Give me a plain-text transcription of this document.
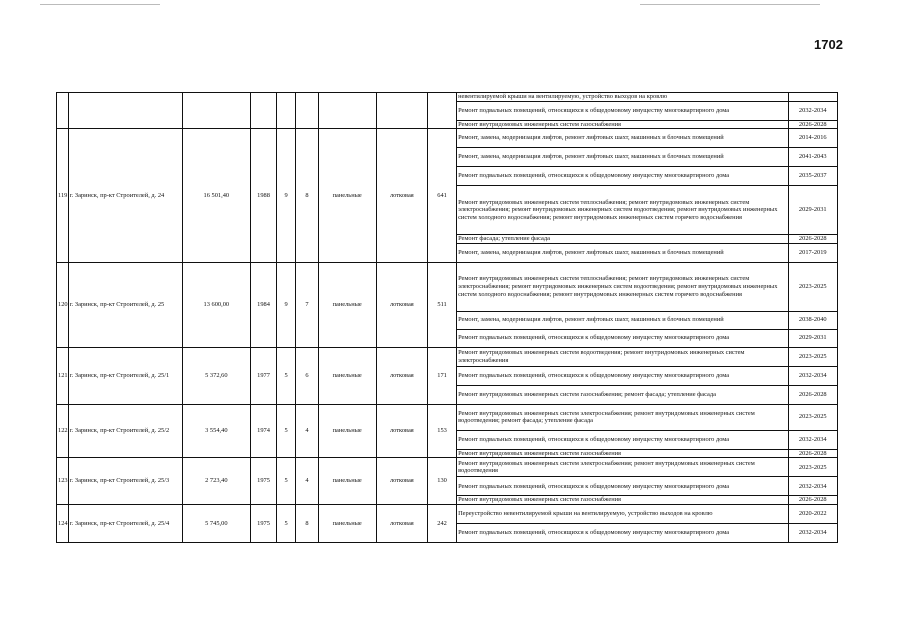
1702
									невентилируемой крыши на вентилируемую, устройство выходов на кровлю	
									Ремонт подвальных помещений, относящихся к общедомовому имуществу многоквартирного дома	2032-2034
									Ремонт внутридомовых инженерных систем газоснабжения	2026-2028
119	г. Заринск, пр-кт Строителей, д. 24	16 501,40	1988	9	8	панельные	лотковая	641	Ремонт, замена, модернизация лифтов, ремонт лифтовых шахт, машинных и блочных помещений	2014-2016
									Ремонт, замена, модернизация лифтов, ремонт лифтовых шахт, машинных и блочных помещений	2041-2043
									Ремонт подвальных помещений, относящихся к общедомовому имуществу многоквартирного дома	2035-2037
									Ремонт внутридомовых инженерных систем теплоснабжения; ремонт внутридомовых инженерных систем электроснабжения; ремонт внутридомовых инженерных систем водоотведения; ремонт внутридомовых инженерных систем холодного водоснабжения; ремонт внутридомовых инженерных систем горячего водоснабжения	2029-2031
									Ремонт фасада; утепление фасада	2026-2028
									Ремонт, замена, модернизация лифтов, ремонт лифтовых шахт, машинных и блочных помещений	2017-2019
120	г. Заринск, пр-кт Строителей, д. 25	13 600,00	1984	9	7	панельные	лотковая	511	Ремонт внутридомовых инженерных систем теплоснабжения; ремонт внутридомовых инженерных систем электроснабжения; ремонт внутридомовых инженерных систем водоотведения; ремонт внутридомовых инженерных систем холодного водоснабжения; ремонт внутридомовых инженерных систем горячего водоснабжения	2023-2025
									Ремонт, замена, модернизация лифтов, ремонт лифтовых шахт, машинных и блочных помещений	2038-2040
									Ремонт подвальных помещений, относящихся к общедомовому имуществу многоквартирного дома	2029-2031
121	г. Заринск, пр-кт Строителей, д. 25/1	5 372,60	1977	5	6	панельные	лотковая	171	Ремонт внутридомовых инженерных систем водоотведения; ремонт внутридомовых инженерных систем электроснабжения	2023-2025
									Ремонт подвальных помещений, относящихся к общедомовому имуществу многоквартирного дома	2032-2034
									Ремонт внутридомовых инженерных систем газоснабжения; ремонт фасада; утепление фасада	2026-2028
122	г. Заринск, пр-кт Строителей, д. 25/2	3 554,40	1974	5	4	панельные	лотковая	153	Ремонт внутридомовых инженерных систем электроснабжения; ремонт внутридомовых инженерных систем водоотведения; ремонт фасада; утепление фасада	2023-2025
									Ремонт подвальных помещений, относящихся к общедомовому имуществу многоквартирного дома	2032-2034
									Ремонт внутридомовых инженерных систем газоснабжения	2026-2028
123	г. Заринск, пр-кт Строителей, д. 25/3	2 723,40	1975	5	4	панельные	лотковая	130	Ремонт внутридомовых инженерных систем электроснабжения; ремонт внутридомовых инженерных систем водоотведения	2023-2025
									Ремонт подвальных помещений, относящихся к общедомовому имуществу многоквартирного дома	2032-2034
									Ремонт внутридомовых инженерных систем газоснабжения	2026-2028
124	г. Заринск, пр-кт Строителей, д. 25/4	5 745,00	1975	5	8	панельные	лотковая	242	Переустройство невентилируемой крыши на вентилируемую, устройство выходов на кровлю	2020-2022
									Ремонт подвальных помещений, относящихся к общедомовому имуществу многоквартирного дома	2032-2034
